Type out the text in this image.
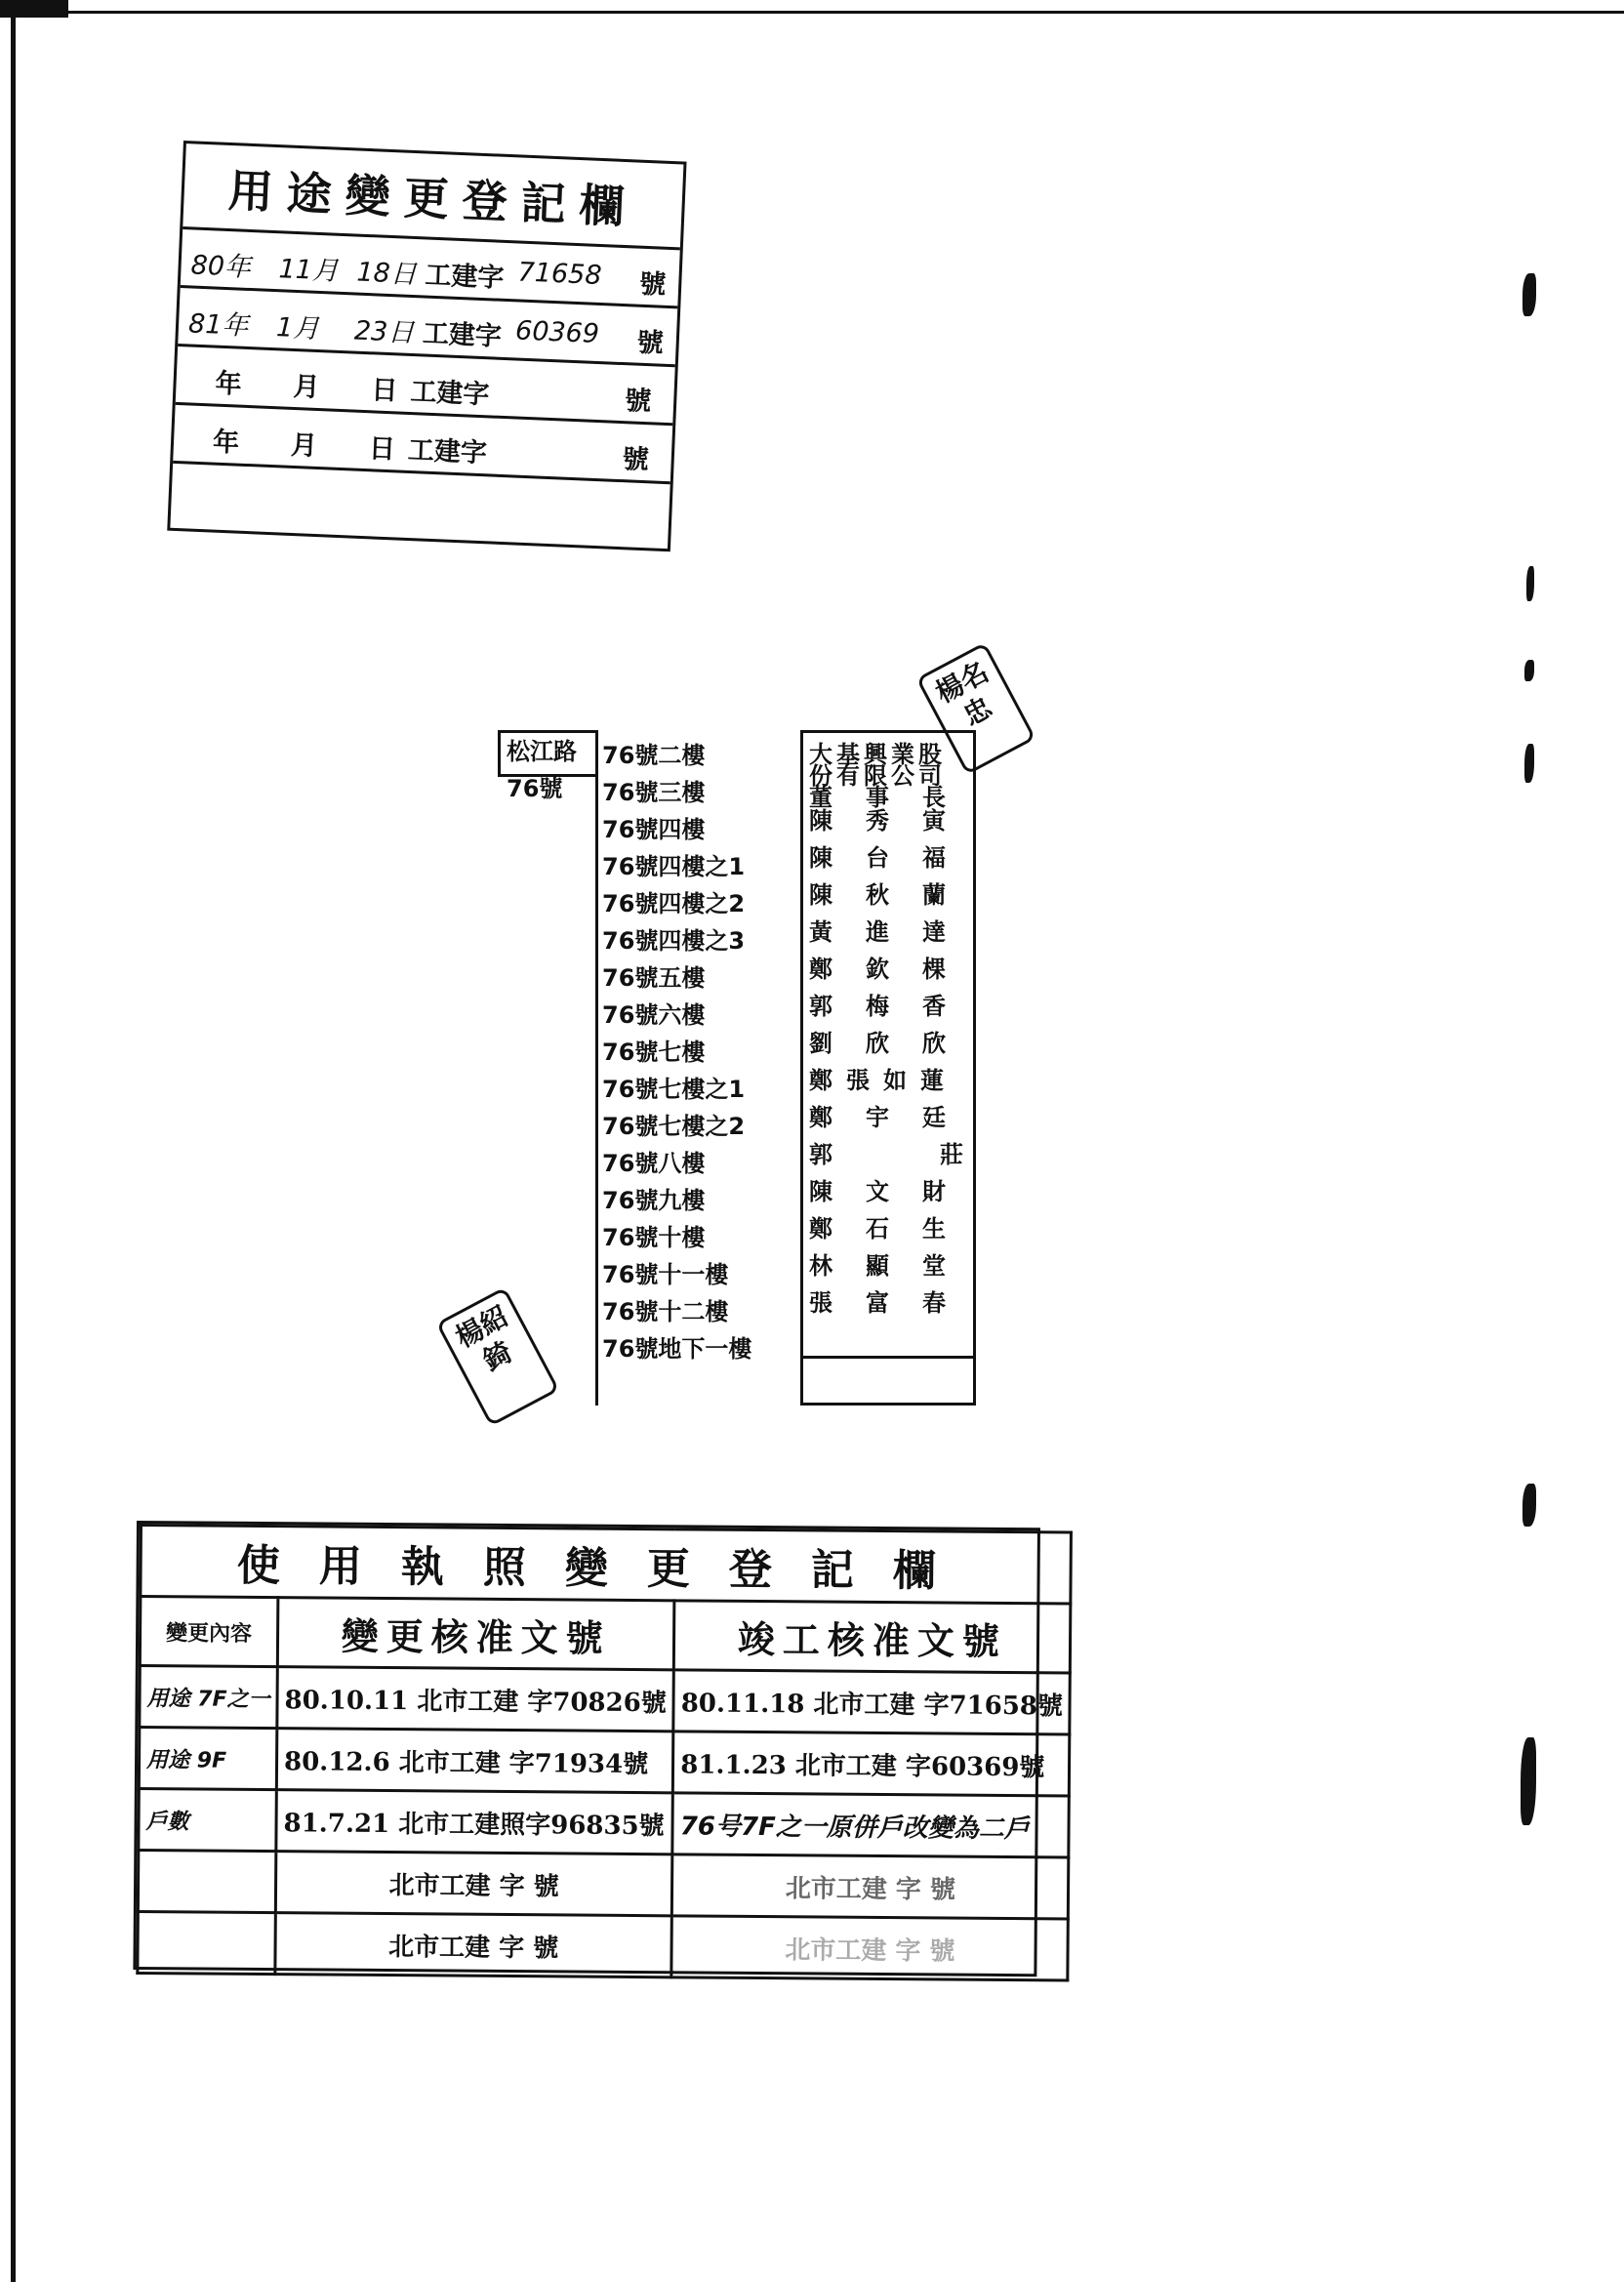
用途變更登記欄
80年 11月 18日 工建字 71658 號
81年 1月 23日 工建字 60369 號
年 月 日 工建字	號
年 月 日 工建字	號
松江路76號
76號二樓
76號三樓
76號四樓
76號四樓之1
76號四樓之2
76號四樓之3
76號五樓
76號六樓
76號七樓
76號七樓之1
76號七樓之2
76號八樓
76號九樓
76號十樓
76號十一樓
76號十二樓
76號地下一樓
大基興業股
份有限公司
董事長
陳秀寅
陳台福
陳秋蘭
黃進達
鄭欽棵
郭梅香
劉欣欣
鄭張如蓮
鄭宇廷
郭莊
陳文財
鄭石生
林顯堂
張富春
楊名忠
楊紹錡
使用執照變更登記欄		
變更內容	變更核准文號	竣工核准文號
用途 7F之一	80.10.11 北市工建 字70826號	80.11.18 北市工建 字71658號
用途 9F	80.12.6 北市工建 字71934號	81.1.23 北市工建 字60369號
戶數	81.7.21 北市工建照字96835號	76号7F之一原併戶改變為二戶
	北市工建 字 號	北市工建 字 號
	北市工建 字 號	北市工建 字 號
